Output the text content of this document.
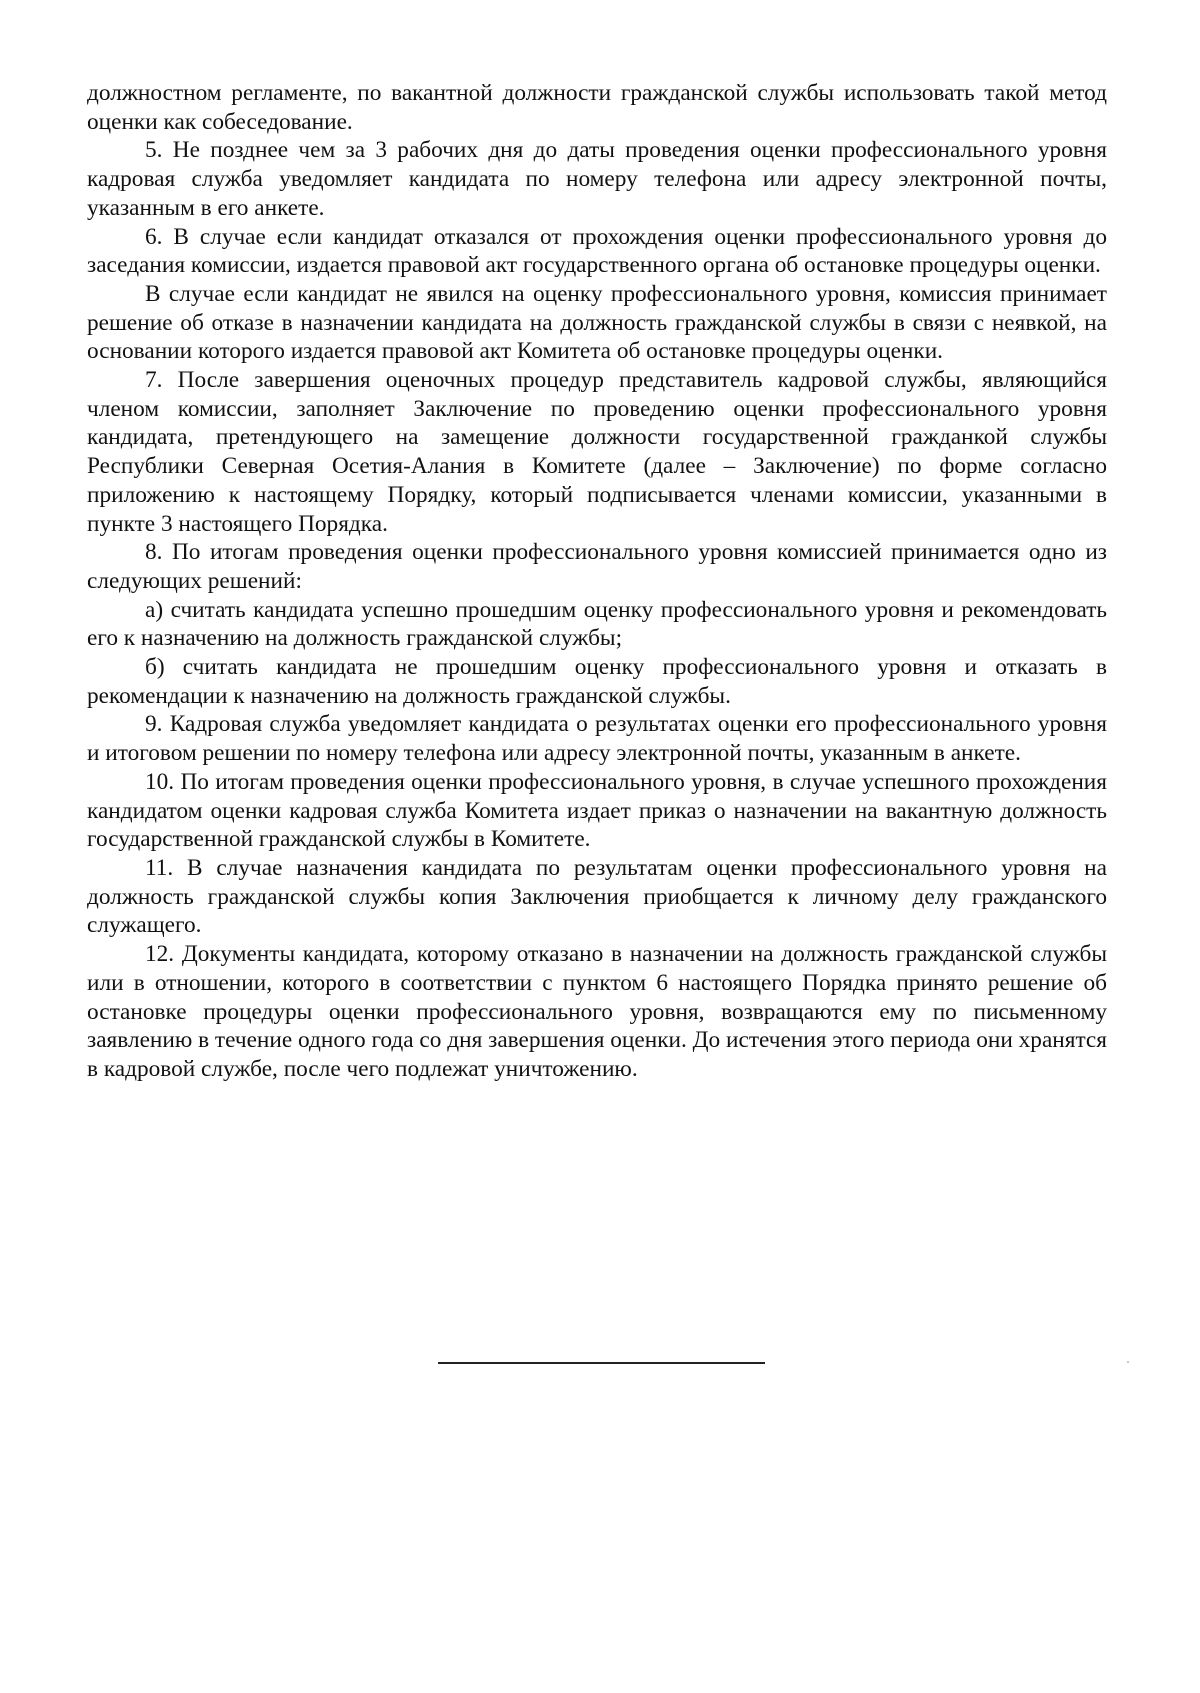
должностном регламенте, по вакантной должности гражданской службы использовать такой метод оценки как собеседование.

5. Не позднее чем за 3 рабочих дня до даты проведения оценки профессионального уровня кадровая служба уведомляет кандидата по номеру телефона или адресу электронной почты, указанным в его анкете.

6. В случае если кандидат отказался от прохождения оценки профессионального уровня до заседания комиссии, издается правовой акт государственного органа об остановке процедуры оценки.

В случае если кандидат не явился на оценку профессионального уровня, комиссия принимает решение об отказе в назначении кандидата на должность гражданской службы в связи с неявкой, на основании которого издается правовой акт Комитета об остановке процедуры оценки.

7. После завершения оценочных процедур представитель кадровой службы, являющийся членом комиссии, заполняет Заключение по проведению оценки профессионального уровня кандидата, претендующего на замещение должности государственной гражданкой службы Республики Северная Осетия-Алания в Комитете (далее – Заключение) по форме согласно приложению к настоящему Порядку, который подписывается членами комиссии, указанными в пункте 3 настоящего Порядка.

8. По итогам проведения оценки профессионального уровня комиссией принимается одно из следующих решений:

а) считать кандидата успешно прошедшим оценку профессионального уровня и рекомендовать его к назначению на должность гражданской службы;

б) считать кандидата не прошедшим оценку профессионального уровня и отказать в рекомендации к назначению на должность гражданской службы.

9. Кадровая служба уведомляет кандидата о результатах оценки его профессионального уровня и итоговом решении по номеру телефона или адресу электронной почты, указанным в анкете.

10. По итогам проведения оценки профессионального уровня, в случае успешного прохождения кандидатом оценки кадровая служба Комитета издает приказ о назначении на вакантную должность государственной гражданской службы в Комитете.

11. В случае назначения кандидата по результатам оценки профессионального уровня на должность гражданской службы копия Заключения приобщается к личному делу гражданского служащего.

12. Документы кандидата, которому отказано в назначении на должность гражданской службы или в отношении, которого в соответствии с пунктом 6 настоящего Порядка принято решение об остановке процедуры оценки профессионального уровня, возвращаются ему по письменному заявлению в течение одного года со дня завершения оценки. До истечения этого периода они хранятся в кадровой службе, после чего подлежат уничтожению.
